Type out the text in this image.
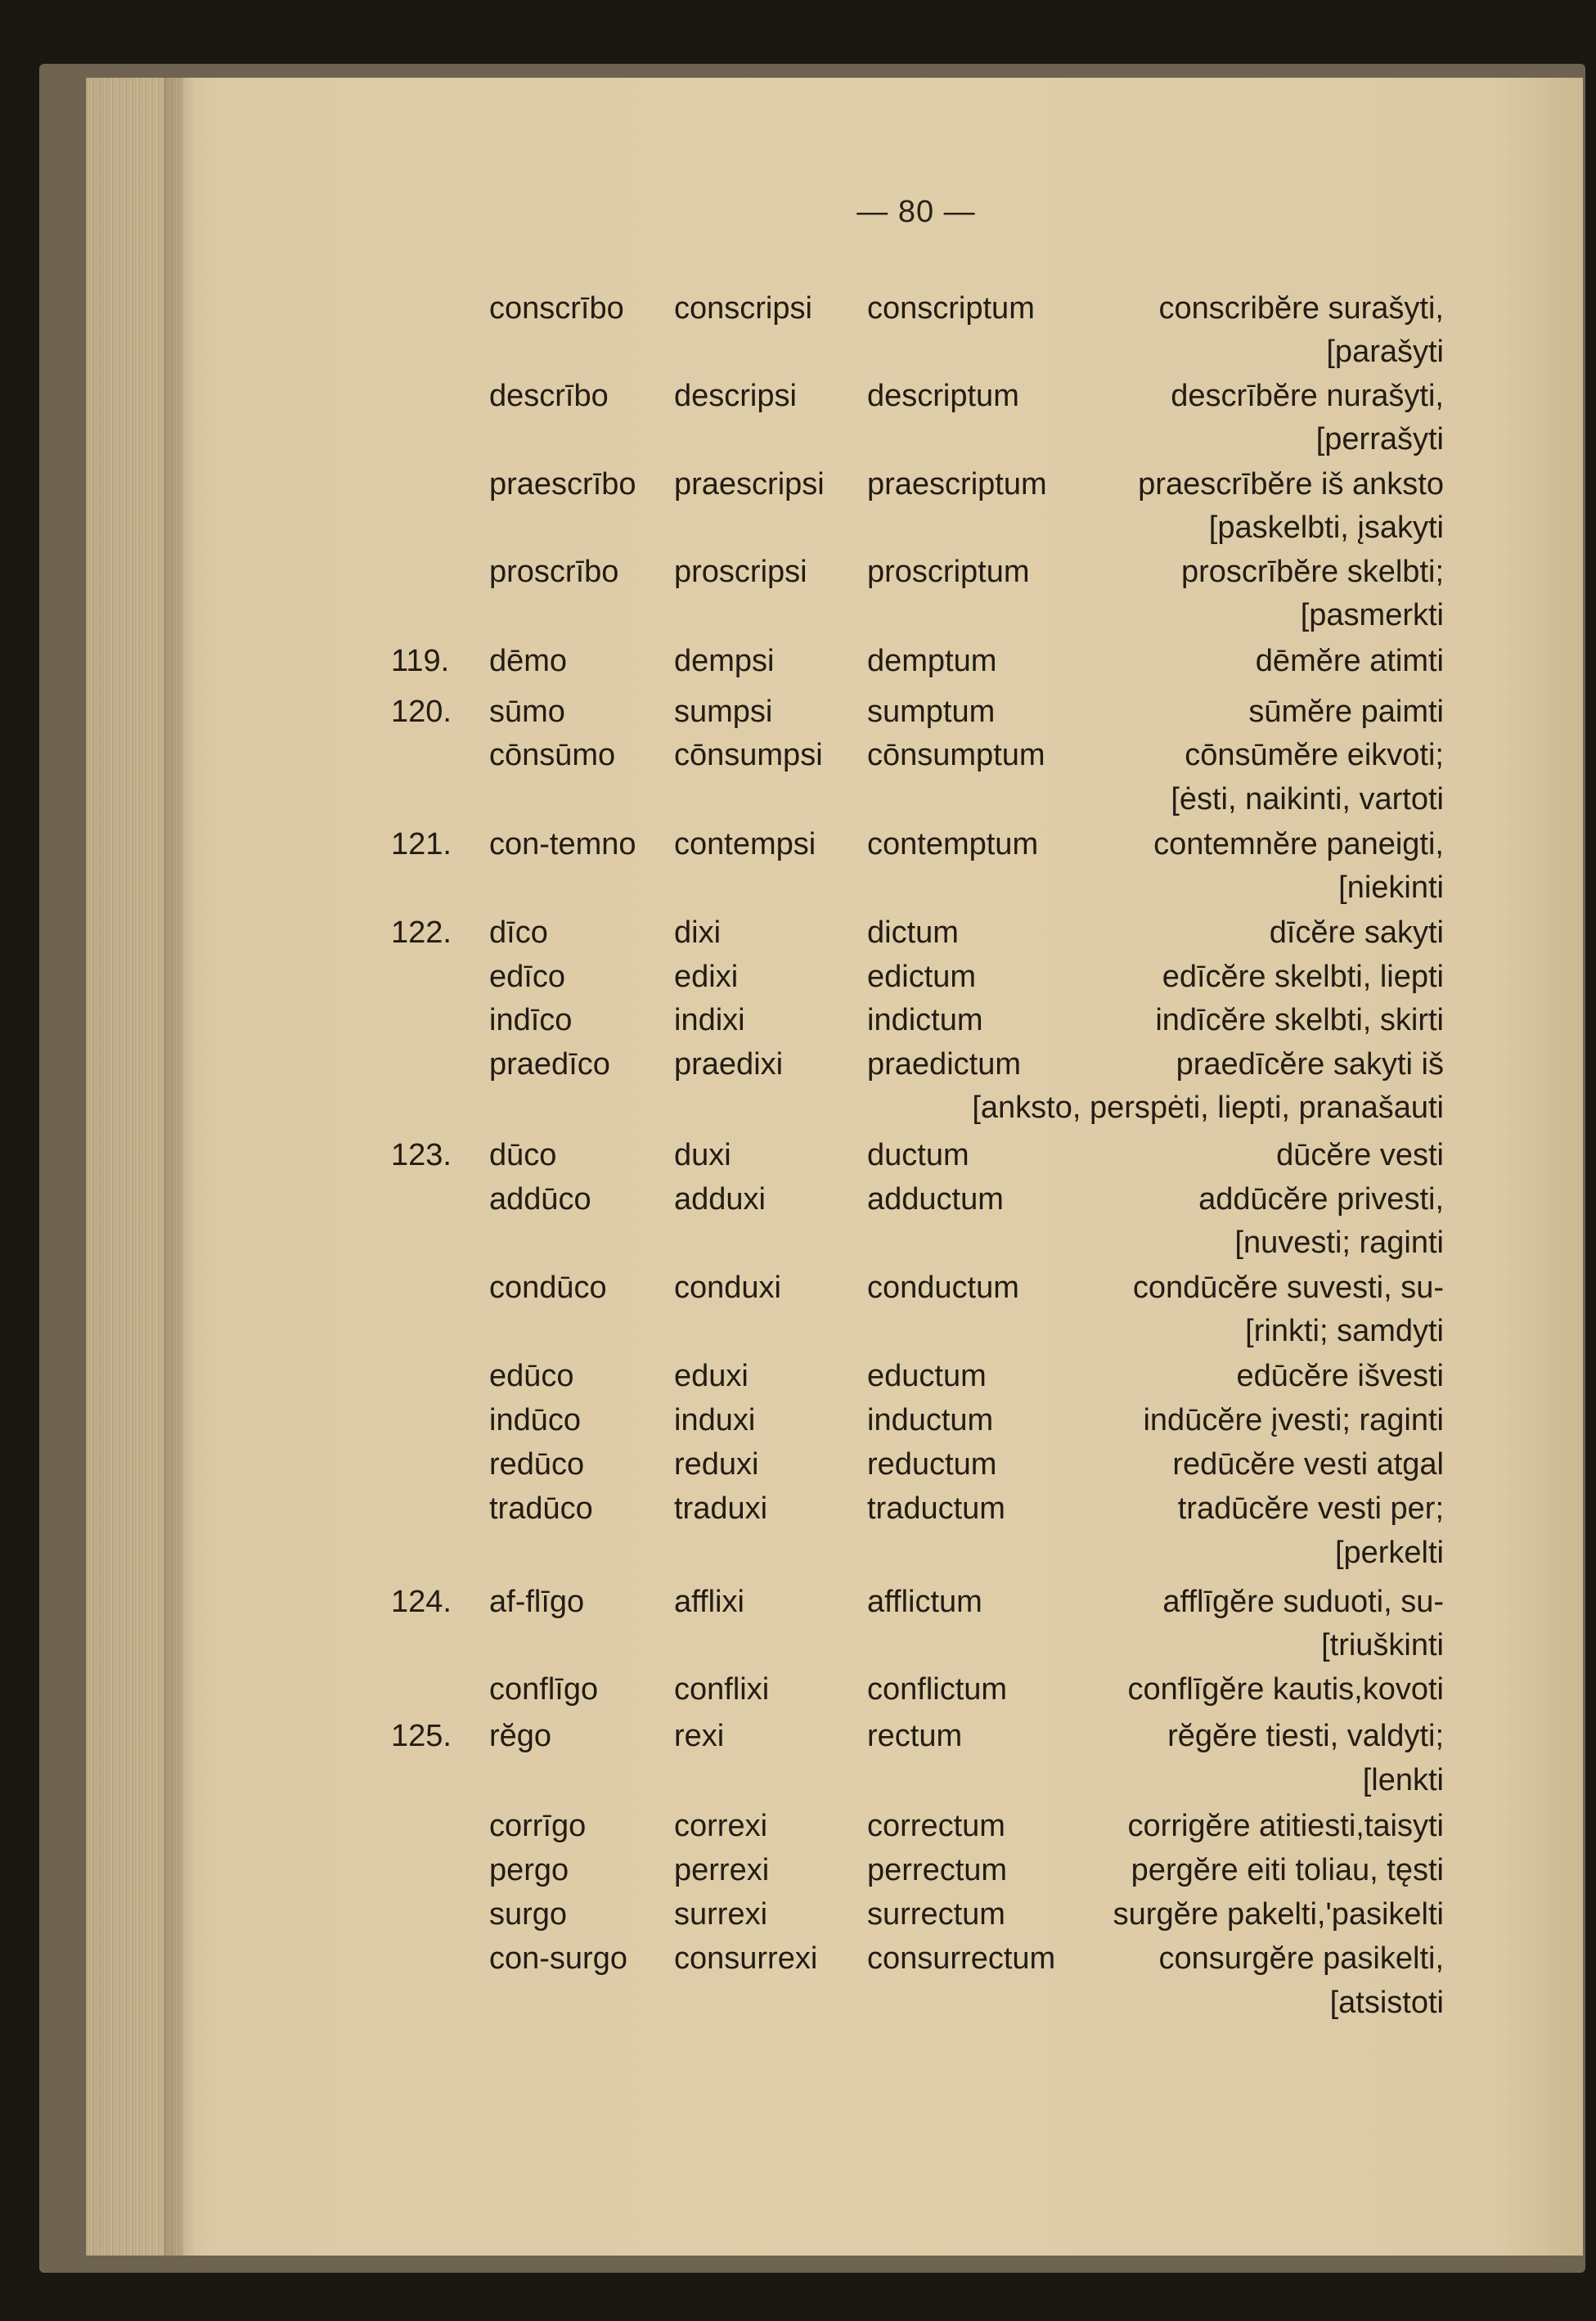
— 80 —
conscrībo conscripsi conscriptum	conscribĕre surašyti,
[parašyti
descrībo descripsi descriptum	descrībĕre nurašyti,
[perrašyti
praescrībo praescripsi praescriptum	praescrībĕre iš anksto
[paskelbti, įsakyti
proscrībo proscripsi proscriptum	proscrībĕre skelbti;
[pasmerkti
119. dēmo	dempsi	demptum	dēmĕre atimti
120. sūmo	sumpsi	sumptum	sūmĕre paimti
cōnsūmo cōnsumpsi cōnsumptum	cōnsūmĕre eikvoti;
[ėsti, naikinti, vartoti
121. con-temno contempsi contemptum	contemnĕre paneigti,
[niekinti
122. dīco	dixi	dictum	dīcĕre sakyti
edīco	edixi	edictum	edīcĕre skelbti, liepti
indīco	indixi	indictum	indīcĕre skelbti, skirti
praedīco praedixi	praedictum	praedīcĕre sakyti iš
[anksto, perspėti, liepti, pranašauti
123. dūco	duxi	ductum	dūcĕre vesti
addūco	adduxi	adductum	addūcĕre privesti,
[nuvesti; raginti
condūco conduxi	conductum	condūcĕre suvesti, su-
[rinkti; samdyti
edūco	eduxi	eductum	edūcĕre išvesti
indūco	induxi	inductum	indūcĕre įvesti; raginti
redūco	reduxi	reductum	redūcĕre vesti atgal
tradūco	traduxi	traductum	tradūcĕre vesti per;
[perkelti
124. af-flīgo	afflixi	afflictum	afflīgĕre suduoti, su-
[triuškinti
conflīgo conflixi	conflictum	conflīgĕre kautis,kovoti
125. rĕgo	rexi	rectum	rĕgĕre tiesti, valdyti;
[lenkti
corrīgo	correxi	correctum	corrigĕre atitiesti,taisyti
pergo	perrexi	perrectum	pergĕre eiti toliau, tęsti
surgo	surrexi	surrectum	surgĕre pakelti,'pasikelti
con-surgo consurrexi consurrectum	consurgĕre pasikelti,
[atsistoti
